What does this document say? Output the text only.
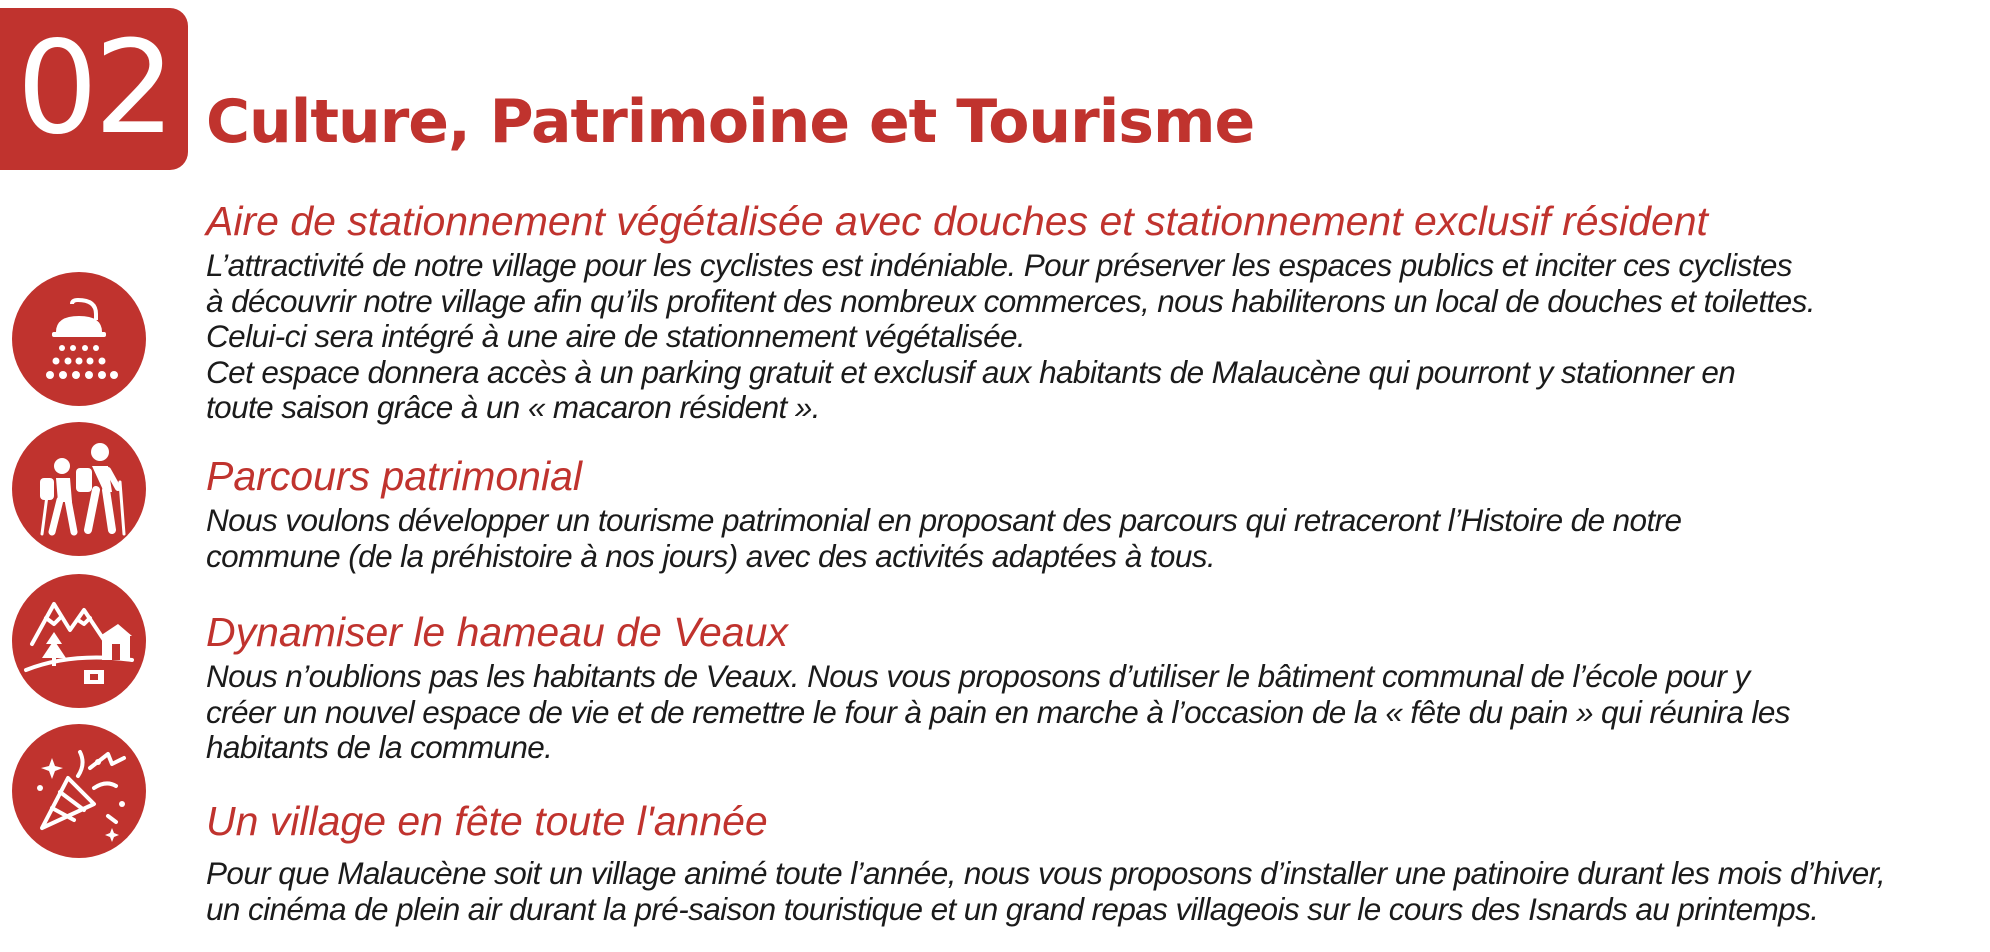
02 Culture, Patrimoine et Tourisme
Aire de stationnement végétalisée avec douches et stationnement exclusif résident

L’attractivité de notre village pour les cyclistes est indéniable. Pour préserver les espaces publics et inciter ces cyclistes
à découvrir notre village afin qu’ils profitent des nombreux commerces, nous habiliterons un local de douches et toilettes.
Celui-ci sera intégré à une aire de stationnement végétalisée.
Cet espace donnera accès à un parking gratuit et exclusif aux habitants de Malaucène qui pourront y stationner en
toute saison grâce à un « macaron résident ».

Parcours patrimonial

Nous voulons développer un tourisme patrimonial en proposant des parcours qui retraceront l’Histoire de notre
commune (de la préhistoire à nos jours) avec des activités adaptées à tous.

Dynamiser le hameau de Veaux

Nous n’oublions pas les habitants de Veaux. Nous vous proposons d’utiliser le bâtiment communal de l’école pour y
créer un nouvel espace de vie et de remettre le four à pain en marche à l’occasion de la « fête du pain » qui réunira les
habitants de la commune.

Un village en fête toute l'année

Pour que Malaucène soit un village animé toute l’année, nous vous proposons d’installer une patinoire durant les mois d’hiver,
un cinéma de plein air durant la pré-saison touristique et un grand repas villageois sur le cours des Isnards au printemps.
